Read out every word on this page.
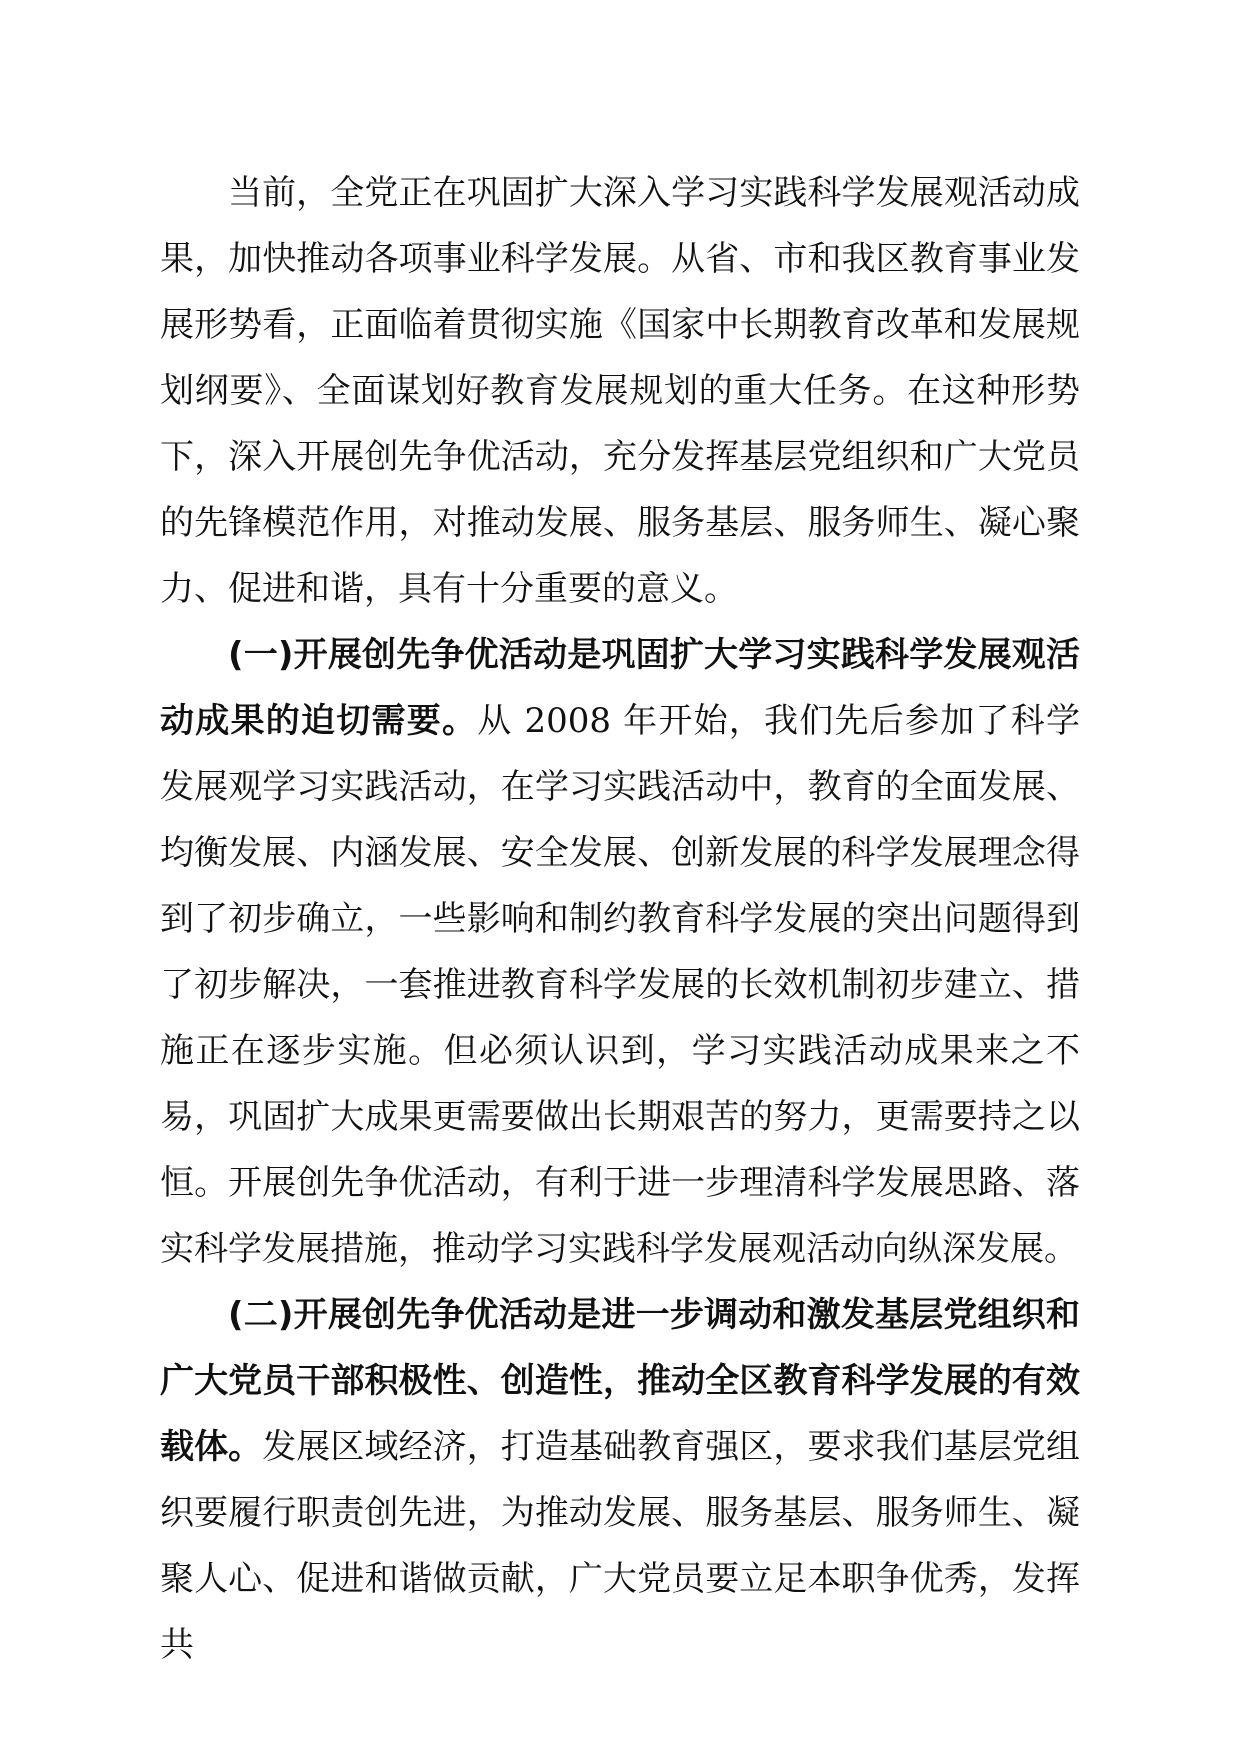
当前，全党正在巩固扩大深入学习实践科学发展观活动成果，加快推动各项事业科学发展。从省、市和我区教育事业发展形势看，正面临着贯彻实施《国家中长期教育改革和发展规划纲要》、全面谋划好教育发展规划的重大任务。在这种形势下，深入开展创先争优活动，充分发挥基层党组织和广大党员的先锋模范作用，对推动发展、服务基层、服务师生、凝心聚力、促进和谐，具有十分重要的意义。

(一)开展创先争优活动是巩固扩大学习实践科学发展观活动成果的迫切需要。从 2008 年开始，我们先后参加了科学发展观学习实践活动，在学习实践活动中，教育的全面发展、均衡发展、内涵发展、安全发展、创新发展的科学发展理念得到了初步确立，一些影响和制约教育科学发展的突出问题得到了初步解决，一套推进教育科学发展的长效机制初步建立、措施正在逐步实施。但必须认识到，学习实践活动成果来之不易，巩固扩大成果更需要做出长期艰苦的努力，更需要持之以恒。开展创先争优活动，有利于进一步理清科学发展思路、落实科学发展措施，推动学习实践科学发展观活动向纵深发展。

(二)开展创先争优活动是进一步调动和激发基层党组织和广大党员干部积极性、创造性，推动全区教育科学发展的有效载体。发展区域经济，打造基础教育强区，要求我们基层党组织要履行职责创先进，为推动发展、服务基层、服务师生、凝聚人心、促进和谐做贡献，广大党员要立足本职争优秀，发挥共
